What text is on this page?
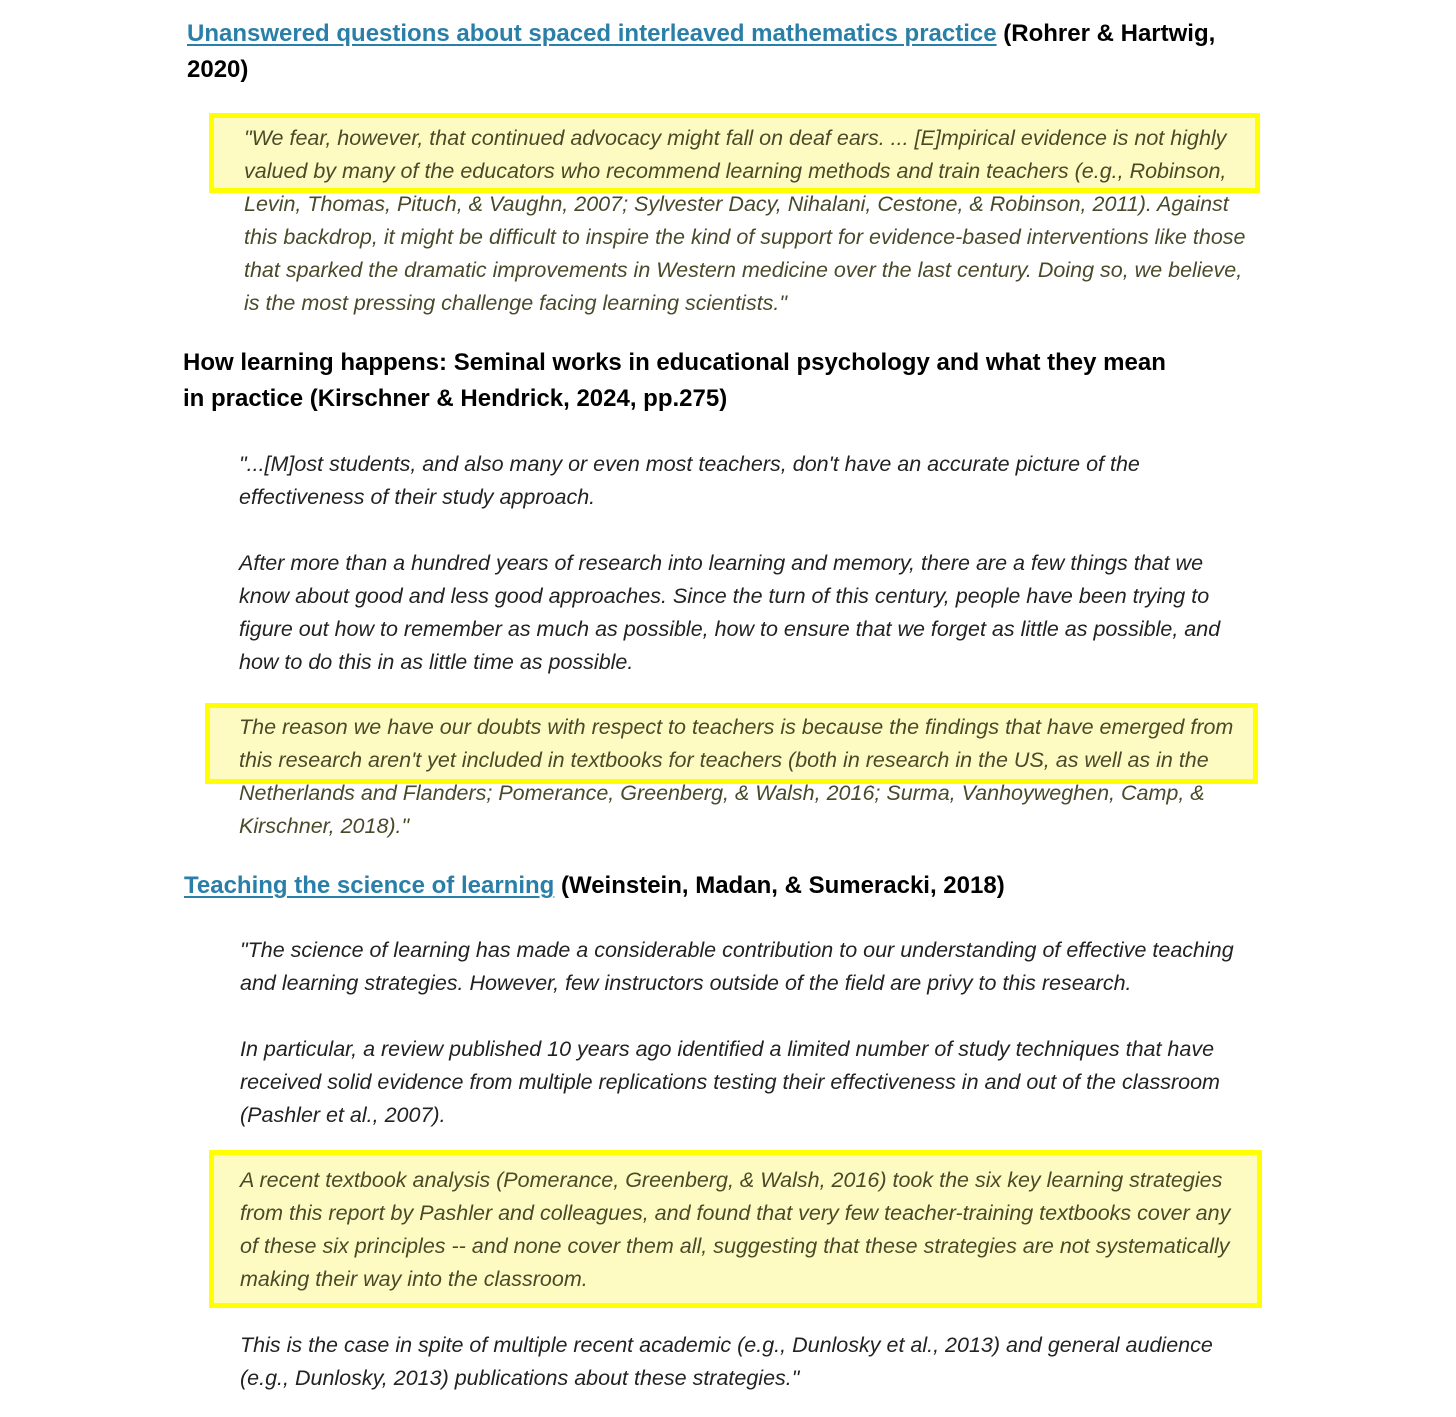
Unanswered questions about spaced interleaved mathematics practice (Rohrer & Hartwig, 2020)

"We fear, however, that continued advocacy might fall on deaf ears. ... [E]mpirical evidence is not highly valued by many of the educators who recommend learning methods and train teachers (e.g., Robinson, Levin, Thomas, Pituch, & Vaughn, 2007; Sylvester Dacy, Nihalani, Cestone, & Robinson, 2011). Against this backdrop, it might be difficult to inspire the kind of support for evidence-based interventions like those that sparked the dramatic improvements in Western medicine over the last century. Doing so, we believe, is the most pressing challenge facing learning scientists."

How learning happens: Seminal works in educational psychology and what they mean in practice (Kirschner & Hendrick, 2024, pp.275)

"...[M]ost students, and also many or even most teachers, don't have an accurate picture of the effectiveness of their study approach.

After more than a hundred years of research into learning and memory, there are a few things that we know about good and less good approaches. Since the turn of this century, people have been trying to figure out how to remember as much as possible, how to ensure that we forget as little as possible, and how to do this in as little time as possible.

The reason we have our doubts with respect to teachers is because the findings that have emerged from this research aren't yet included in textbooks for teachers (both in research in the US, as well as in the Netherlands and Flanders; Pomerance, Greenberg, & Walsh, 2016; Surma, Vanhoyweghen, Camp, & Kirschner, 2018)."

Teaching the science of learning (Weinstein, Madan, & Sumeracki, 2018)

"The science of learning has made a considerable contribution to our understanding of effective teaching and learning strategies. However, few instructors outside of the field are privy to this research.

In particular, a review published 10 years ago identified a limited number of study techniques that have received solid evidence from multiple replications testing their effectiveness in and out of the classroom (Pashler et al., 2007).

A recent textbook analysis (Pomerance, Greenberg, & Walsh, 2016) took the six key learning strategies from this report by Pashler and colleagues, and found that very few teacher-training textbooks cover any of these six principles -- and none cover them all, suggesting that these strategies are not systematically making their way into the classroom.

This is the case in spite of multiple recent academic (e.g., Dunlosky et al., 2013) and general audience (e.g., Dunlosky, 2013) publications about these strategies."
